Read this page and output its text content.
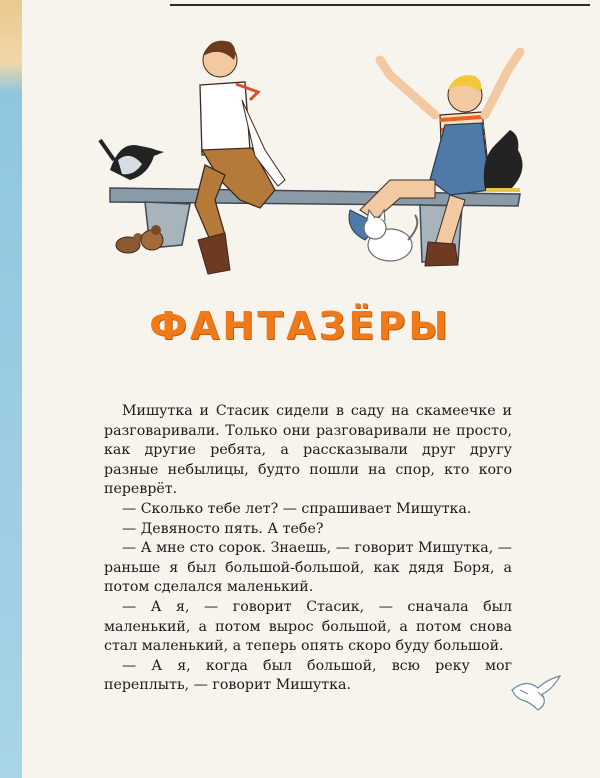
ФАНТАЗЁРЫ

Мишутка и Стасик сидели в саду на скамеечке и разговаривали. Только они разговаривали не просто, как другие ребята, а рассказывали друг другу разные небылицы, будто пошли на спор, кто кого переврёт.

— Сколько тебе лет? — спрашивает Мишутка.

— Девяносто пять. А тебе?

— А мне сто сорок. Знаешь, — говорит Мишутка, — раньше я был большой-большой, как дядя Боря, а потом сделался маленький.

— А я, — говорит Стасик, — сначала был маленький, а потом вырос большой, а потом снова стал маленький, а теперь опять скоро буду большой.

— А я, когда был большой, всю реку мог переплыть, — говорит Мишутка.
